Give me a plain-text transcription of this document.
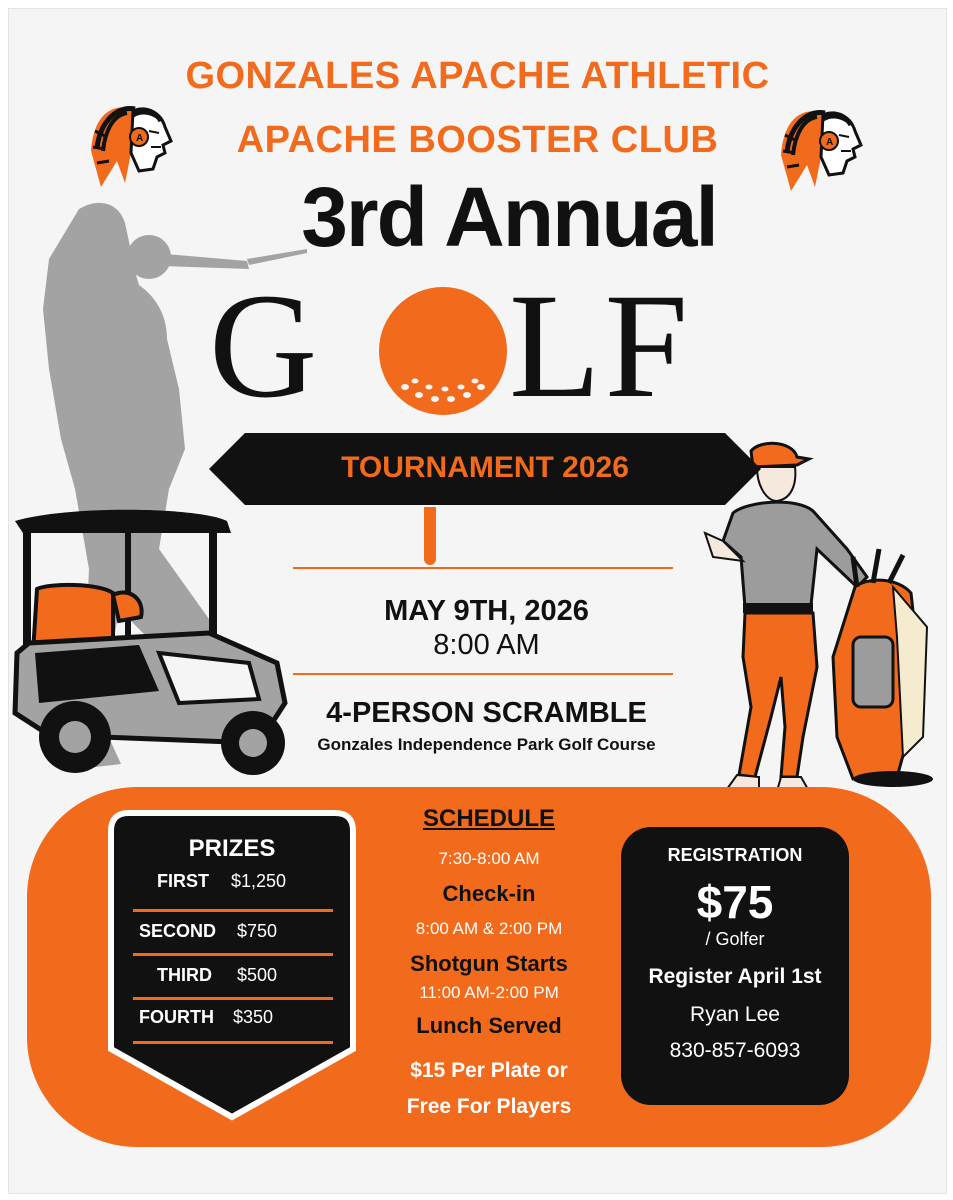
GONZALES APACHE ATHLETIC
APACHE BOOSTER CLUB
A	A
3rd Annual
G LF
TOURNAMENT 2026
MAY 9TH, 2026
8:00 AM
4-PERSON SCRAMBLE
Gonzales Independence Park Golf Course
PRIZES
FIRST $1,250
SECOND $750
THIRD $500
FOURTH $350
SCHEDULE
7:30-8:00 AM
Check-in
8:00 AM & 2:00 PM
Shotgun Starts
11:00 AM-2:00 PM
Lunch Served
$15 Per Plate or
Free For Players
REGISTRATION
$75
/ Golfer
Register April 1st
Ryan Lee
830-857-6093
